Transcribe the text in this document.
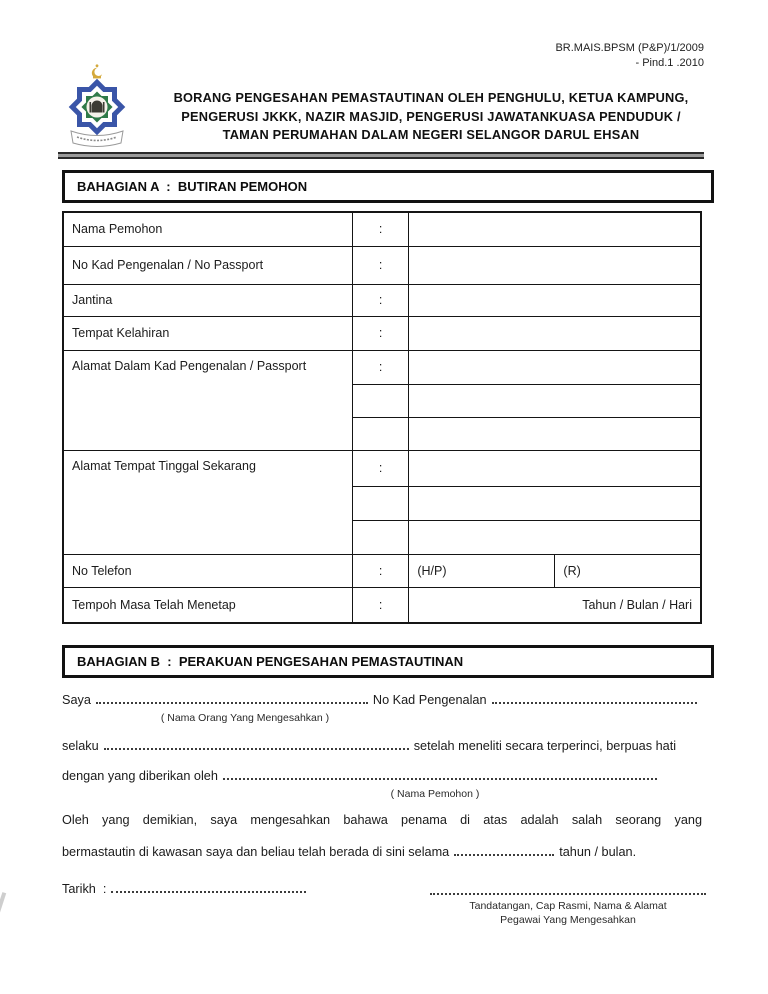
BR.MAIS.BPSM (P&P)/1/2009
- Pind.1 .2010
BORANG PENGESAHAN PEMASTAUTINAN OLEH PENGHULU, KETUA KAMPUNG,
PENGERUSI JKKK, NAZIR MASJID, PENGERUSI JAWATANKUASA PENDUDUK /
TAMAN PERUMAHAN DALAM NEGERI SELANGOR DARUL EHSAN
BAHAGIAN A  :  BUTIRAN PEMOHON
Nama Pemohon	:		
No Kad Pengenalan / No Passport	:		
Jantina	:		
Tempat Kelahiran	:		
Alamat Dalam Kad Pengenalan / Passport	:		

Alamat Tempat Tinggal Sekarang	:		

No Telefon	:	(H/P)	(R)
Tempoh Masa Telah Menetap	:	Tahun / Bulan / Hari	
BAHAGIAN B  :  PERAKUAN PENGESAHAN PEMASTAUTINAN
Saya	No Kad Pengenalan
( Nama Orang Yang Mengesahkan )
selaku	setelah meneliti secara terperinci, berpuas hati
dengan yang diberikan oleh
( Nama Pemohon )
Oleh yang demikian, saya mengesahkan bahawa penama di atas adalah salah seorang yang
bermastautin di kawasan saya dan beliau telah berada di sini selama	tahun / bulan.
Tarikh  :
Tandatangan, Cap Rasmi, Nama & Alamat
Pegawai Yang Mengesahkan
